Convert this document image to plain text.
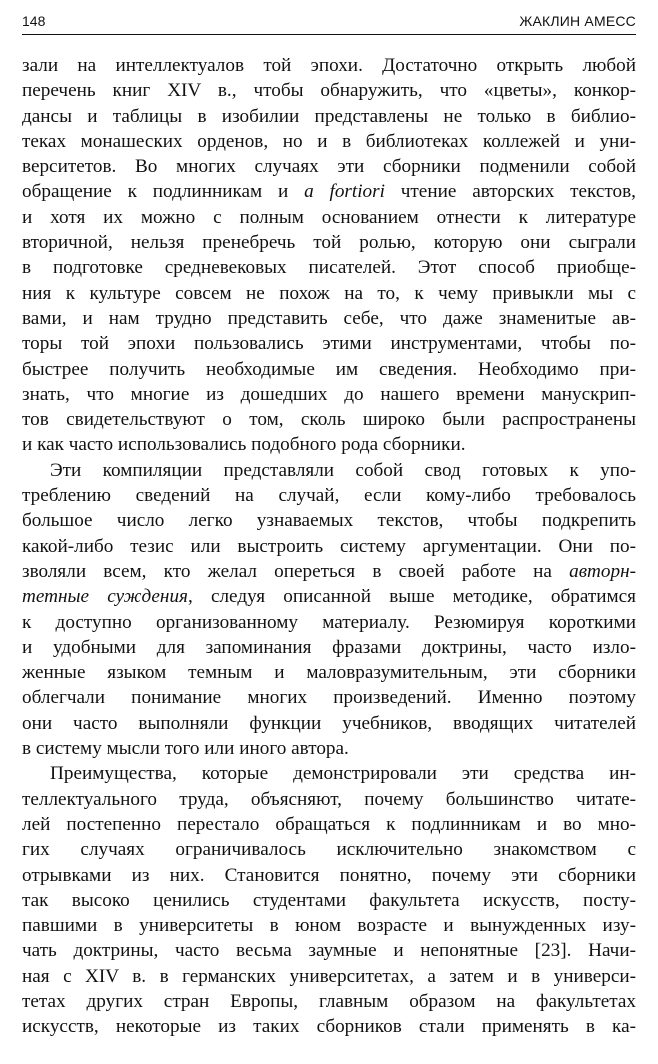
148	ЖАКЛИН АМЕСС
зали на интеллектуалов той эпохи. Достаточно открыть любой
перечень книг XIV в., чтобы обнаружить, что «цветы», конкор-
дансы и таблицы в изобилии представлены не только в библио-
теках монашеских орденов, но и в библиотеках коллежей и уни-
верситетов. Во многих случаях эти сборники подменили собой
обращение к подлинникам и a fortiori чтение авторских текстов,
и хотя их можно с полным основанием отнести к литературе
вторичной, нельзя пренебречь той ролью, которую они сыграли
в подготовке средневековых писателей. Этот способ приобще-
ния к культуре совсем не похож на то, к чему привыкли мы с
вами, и нам трудно представить себе, что даже знаменитые ав-
торы той эпохи пользовались этими инструментами, чтобы по-
быстрее получить необходимые им сведения. Необходимо при-
знать, что многие из дошедших до нашего времени манускрип-
тов свидетельствуют о том, сколь широко были распространены
и как часто использовались подобного рода сборники.
Эти компиляции представляли собой свод готовых к упо-
треблению сведений на случай, если кому-либо требовалось
большое число легко узнаваемых текстов, чтобы подкрепить
какой-либо тезис или выстроить систему аргументации. Они по-
зволяли всем, кто желал опереться в своей работе на авторн-
тетные суждения, следуя описанной выше методике, обратимся
к доступно организованному материалу. Резюмируя короткими
и удобными для запоминания фразами доктрины, часто изло-
женные языком темным и маловразумительным, эти сборники
облегчали понимание многих произведений. Именно поэтому
они часто выполняли функции учебников, вводящих читателей
в систему мысли того или иного автора.
Преимущества, которые демонстрировали эти средства ин-
теллектуального труда, объясняют, почему большинство читате-
лей постепенно перестало обращаться к подлинникам и во мно-
гих случаях ограничивалось исключительно знакомством с
отрывками из них. Становится понятно, почему эти сборники
так высоко ценились студентами факультета искусств, посту-
павшими в университеты в юном возрасте и вынужденных изу-
чать доктрины, часто весьма заумные и непонятные [23]. Начи-
ная с XIV в. в германских университетах, а затем и в универси-
тетах других стран Европы, главным образом на факультетах
искусств, некоторые из таких сборников стали применять в ка-
